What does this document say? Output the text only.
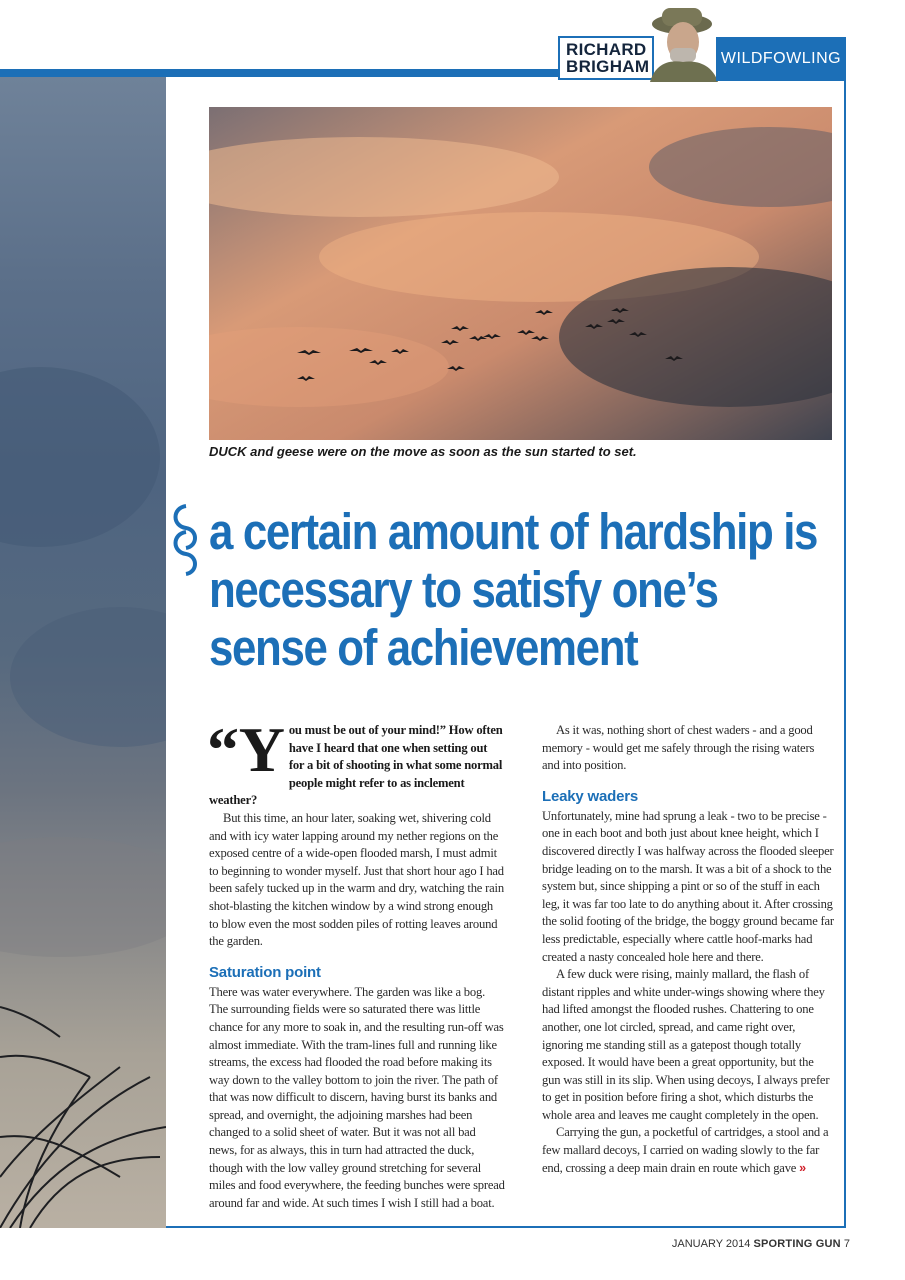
RICHARD
BRIGHAM	WILDFOWLING
DUCK and geese were on the move as soon as the sun started to set.
a certain amount of hardship is necessary to satisfy one’s sense of achievement
“You must be out of your mind!” How often have I heard that one when setting out for a bit of shooting in what some normal people might refer to as inclement weather?

But this time, an hour later, soaking wet, shivering cold and with icy water lapping around my nether regions on the exposed centre of a wide-open flooded marsh, I must admit to beginning to wonder myself. Just that short hour ago I had been safely tucked up in the warm and dry, watching the rain shot-blasting the kitchen window by a wind strong enough to blow even the most sodden piles of rotting leaves around the garden.

Saturation point

There was water everywhere. The garden was like a bog. The surrounding fields were so saturated there was little chance for any more to soak in, and the resulting run-off was almost immediate. With the tram-lines full and running like streams, the excess had flooded the road before making its way down to the valley bottom to join the river. The path of that was now difficult to discern, having burst its banks and spread, and overnight, the adjoining marshes had been changed to a solid sheet of water. But it was not all bad news, for as always, this in turn had attracted the duck, though with the low valley ground stretching for several miles and food everywhere, the feeding bunches were spread around far and wide. At such times I wish I still had a boat.

As it was, nothing short of chest waders - and a good memory - would get me safely through the rising waters and into position.

Leaky waders

Unfortunately, mine had sprung a leak - two to be precise - one in each boot and both just about knee height, which I discovered directly I was halfway across the flooded sleeper bridge leading on to the marsh. It was a bit of a shock to the system but, since shipping a pint or so of the stuff in each leg, it was far too late to do anything about it. After crossing the solid footing of the bridge, the boggy ground became far less predictable, especially where cattle hoof-marks had created a nasty concealed hole here and there.

A few duck were rising, mainly mallard, the flash of distant ripples and white under-wings showing where they had lifted amongst the flooded rushes. Chattering to one another, one lot circled, spread, and came right over, ignoring me standing still as a gatepost though totally exposed. It would have been a great opportunity, but the gun was still in its slip. When using decoys, I always prefer to get in position before firing a shot, which disturbs the whole area and leaves me caught completely in the open.

Carrying the gun, a pocketful of cartridges, a stool and a few mallard decoys, I carried on wading slowly to the far end, crossing a deep main drain en route which gave »

JANUARY 2014 SPORTING GUN 7
